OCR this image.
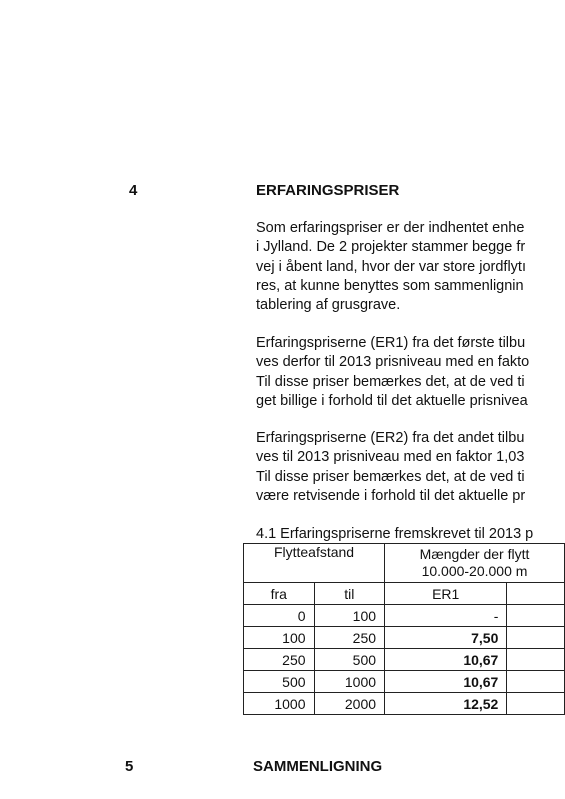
4	ERFARINGSPRISER
Som erfaringspriser er der indhentet enhe
i Jylland. De 2 projekter stammer begge fr
vej i åbent land, hvor der var store jordflytı
res, at kunne benyttes som sammenlignin
tablering af grusgrave.
Erfaringspriserne (ER1) fra det første tilbu
ves derfor til 2013 prisniveau med en fakto
Til disse priser bemærkes det, at de ved ti
get billige i forhold til det aktuelle prisnivea
Erfaringspriserne (ER2) fra det andet tilbu
ves til 2013 prisniveau med en faktor 1,03
Til disse priser bemærkes det, at de ved ti
være retvisende i forhold til det aktuelle pr
4.1 Erfaringspriserne fremskrevet til 2013 p
Flytteafstand		Mængder der flytt
10.000-20.000 m	

fra	til	ER1	
0	100	-	
100	250	7,50	
250	500	10,67	
500	1000	10,67	
1000	2000	12,52	
5	SAMMENLIGNING
